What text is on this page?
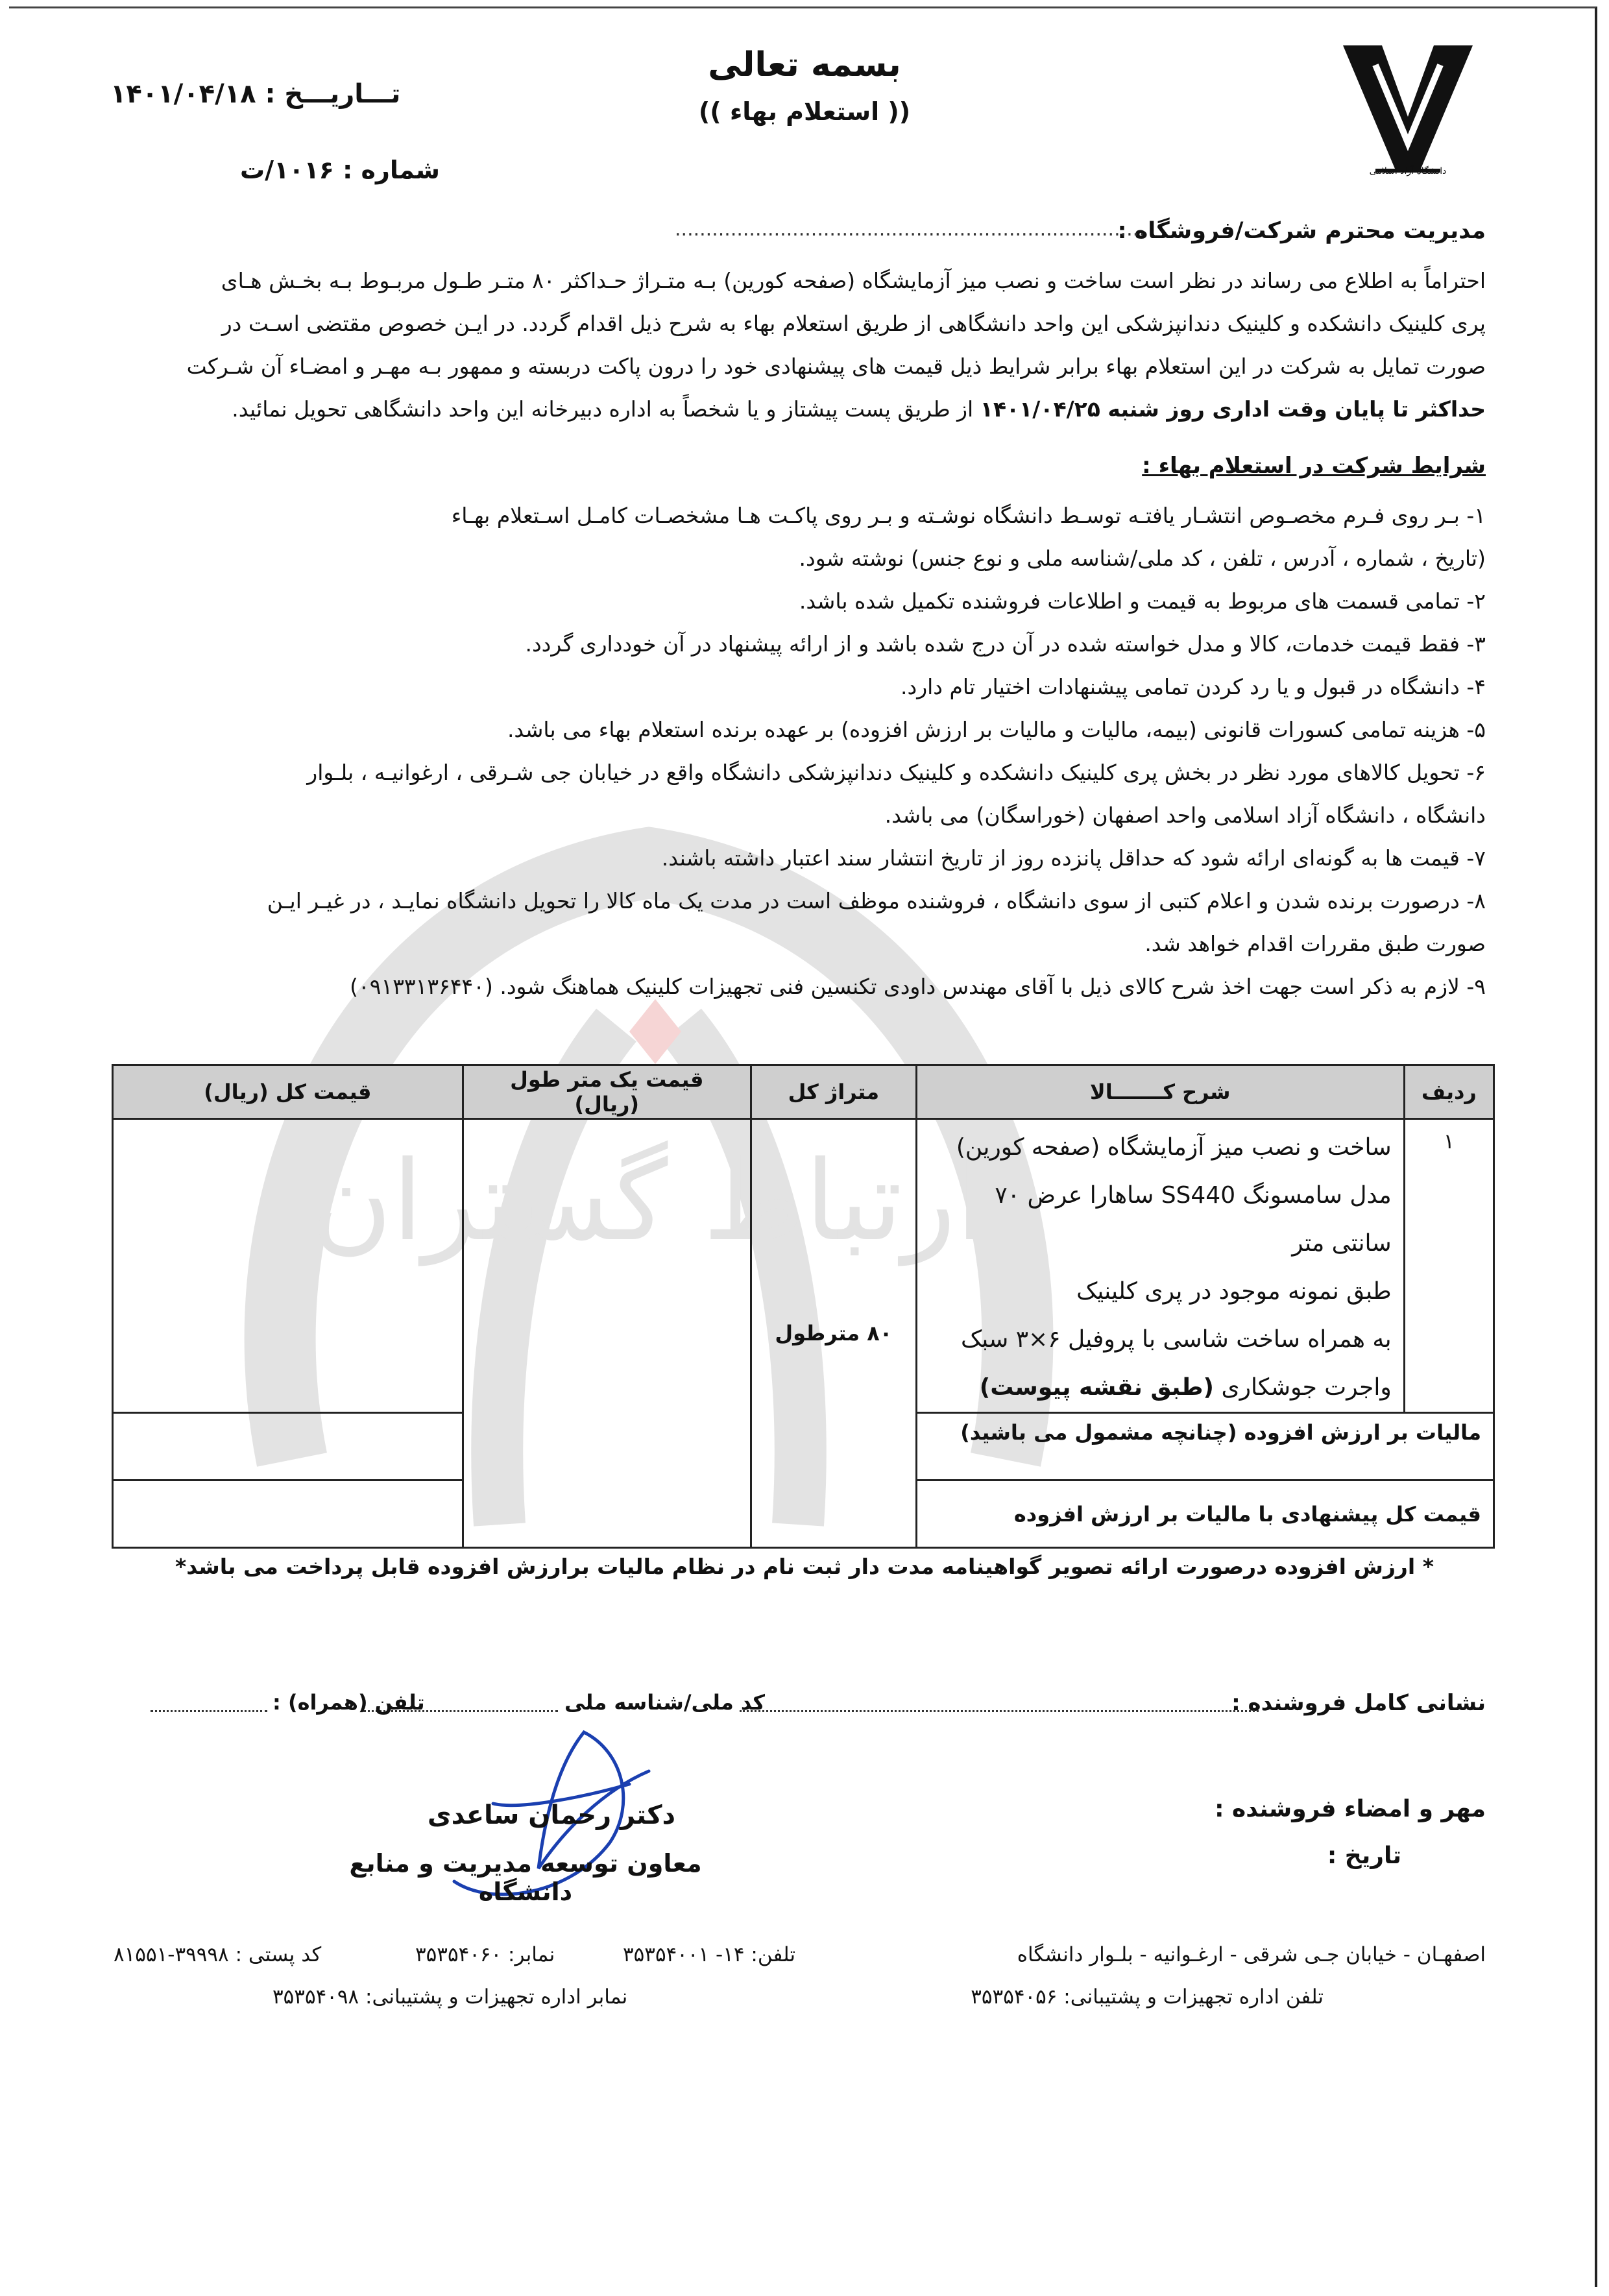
ارتباط گستران
دانشگاه آزاد اسلامی
بسمه تعالی
(( استعلام بهاء ))
تـــاریـــخ : ۱۴۰۱/۰۴/۱۸
شماره : ۱۰۱۶/ت
مدیریت محترم شرکت/فروشگاه :
............................................................................
احتراماً به اطلاع می رساند در نظر است ساخت و نصب میز آزمایشگاه (صفحه کورین) بـه متـراژ حـداکثر ۸۰ متـر طـول مربـوط بـه بخـش هـای
پری کلینیک دانشکده و کلینیک دندانپزشکی این واحد دانشگاهی از طریق استعلام بهاء به شرح ذیل اقدام گردد. در ایـن خصوص مقتضی اسـت در
صورت تمایل به شرکت در این استعلام بهاء برابر شرایط ذیل قیمت های پیشنهادی خود را درون پاکت دربسته و ممهور بـه مهـر و امضـاء آن شـرکت
حداکثر تا پایان وقت اداری روز شنبه ۱۴۰۱/۰۴/۲۵ از طریق پست پیشتاز و یا شخصاً به اداره دبیرخانه این واحد دانشگاهی تحویل نمائید.
شرایط شرکت در استعلام بهاء :
۱- بـر روی فـرم مخصـوص انتشـار یافتـه توسـط دانشگاه نوشـته و بـر روی پاکـت هـا مشخصـات کامـل اسـتعلام بهـاء
(تاریخ ، شماره ، آدرس ، تلفن ، کد ملی/شناسه ملی و نوع جنس) نوشته شود.
۲- تمامی قسمت های مربوط به قیمت و اطلاعات فروشنده تکمیل شده باشد.
۳- فقط قیمت خدمات، کالا و مدل خواسته شده در آن درج شده باشد و از ارائه پیشنهاد در آن خودداری گردد.
۴- دانشگاه در قبول و یا رد کردن تمامی پیشنهادات اختیار تام دارد.
۵- هزینه تمامی کسورات قانونی (بیمه، مالیات و مالیات بر ارزش افزوده) بر عهده برنده استعلام بهاء می باشد.
۶- تحویل کالاهای مورد نظر در بخش پری کلینیک دانشکده و کلینیک دندانپزشکی دانشگاه واقع در خیابان جی شـرقی ، ارغوانیـه ، بلـوار
دانشگاه ، دانشگاه آزاد اسلامی واحد اصفهان (خوراسگان) می باشد.
۷- قیمت ها به گونه‌ای ارائه شود که حداقل پانزده روز از تاریخ انتشار سند اعتبار داشته باشند.
۸- درصورت برنده شدن و اعلام کتبی از سوی دانشگاه ، فروشنده موظف است در مدت یک ماه کالا را تحویل دانشگاه نمایـد ، در غیـر ایـن
صورت طبق مقررات اقدام خواهد شد.
۹- لازم به ذکر است جهت اخذ شرح کالای ذیل با آقای مهندس داودی تکنسین فنی تجهیزات کلینیک هماهنگ شود. (۰۹۱۳۳۱۳۶۴۴۰)
ردیف	شرح کـــــــالا	متراژ کل	قیمت یک متر طول (ریال)	قیمت کل (ریال)
۱	ساخت و نصب میز آزمایشگاه (صفحه کورین)
مدل سامسونگ SS440 ساهارا عرض ۷۰ سانتی متر
طبق نمونه موجود در پری کلینیک
به همراه ساخت شاسی با پروفیل ۶×۳ سبک
واجرت جوشکاری (طبق نقشه پیوست)	۸۰ مترطول		
مالیات بر ارزش افزوده (چنانچه مشمول می باشید)				
قیمت کل پیشنهادی با مالیات بر ارزش افزوده				
* ارزش افزوده درصورت ارائه تصویر گواهینامه مدت دار ثبت نام در نظام مالیات برارزش افزوده قابل پرداخت می باشد*
نشانی کامل فروشنده :
کد ملی/شناسه ملی
تلفن (همراه) :
مهر و امضاء فروشنده :
تاریخ :
دکتر رحمان ساعدی
معاون توسعه مدیریت و منابع دانشگاه
اصفهـان - خیابان جـی شرقی - ارغـوانیه - بلـوار دانشگاه
تلفن: ۱۴- ۳۵۳۵۴۰۰۱
نمابر: ۳۵۳۵۴۰۶۰
کد پستی : ۳۹۹۹۸-۸۱۵۵۱
تلفن اداره تجهیزات و پشتیبانی: ۳۵۳۵۴۰۵۶
نمابر اداره تجهیزات و پشتیبانی: ۳۵۳۵۴۰۹۸
